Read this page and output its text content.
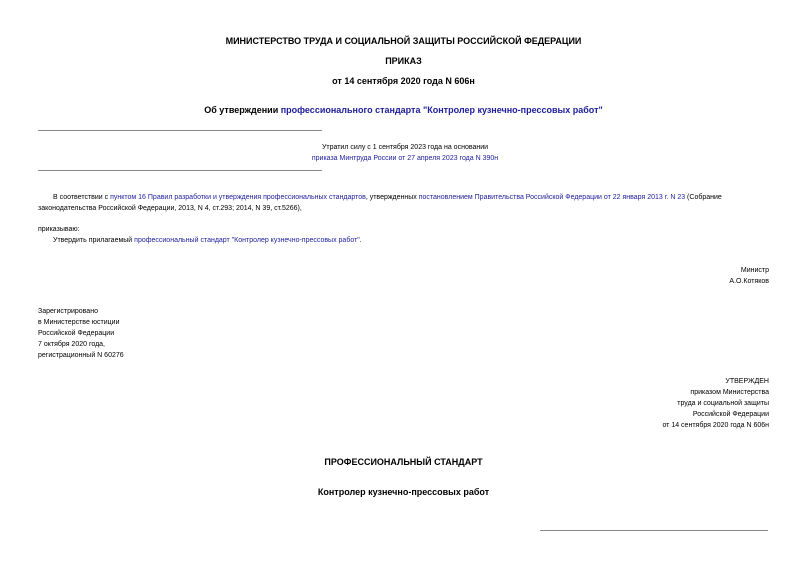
МИНИСТЕРСТВО ТРУДА И СОЦИАЛЬНОЙ ЗАЩИТЫ РОССИЙСКОЙ ФЕДЕРАЦИИ
ПРИКАЗ
от 14 сентября 2020 года N 606н
Об утверждении профессионального стандарта "Контролер кузнечно-прессовых работ"
Утратил силу с 1 сентября 2023 года на основании
приказа Минтруда России от 27 апреля 2023 года N 390н
В соответствии с пунктом 16 Правил разработки и утверждения профессиональных стандартов, утвержденных постановлением Правительства Российской Федерации от 22 января 2013 г. N 23 (Собрание
законодательства Российской Федерации, 2013, N 4, ст.293; 2014, N 39, ст.5266),
приказываю:
Утвердить прилагаемый профессиональный стандарт "Контролер кузнечно-прессовых работ".
Министр
А.О.Котяков
Зарегистрировано
в Министерстве юстиции
Российской Федерации
7 октября 2020 года,
регистрационный N 60276
УТВЕРЖДЕН
приказом Министерства
труда и социальной защиты
Российской Федерации
от 14 сентября 2020 года N 606н
ПРОФЕССИОНАЛЬНЫЙ СТАНДАРТ
Контролер кузнечно-прессовых работ
